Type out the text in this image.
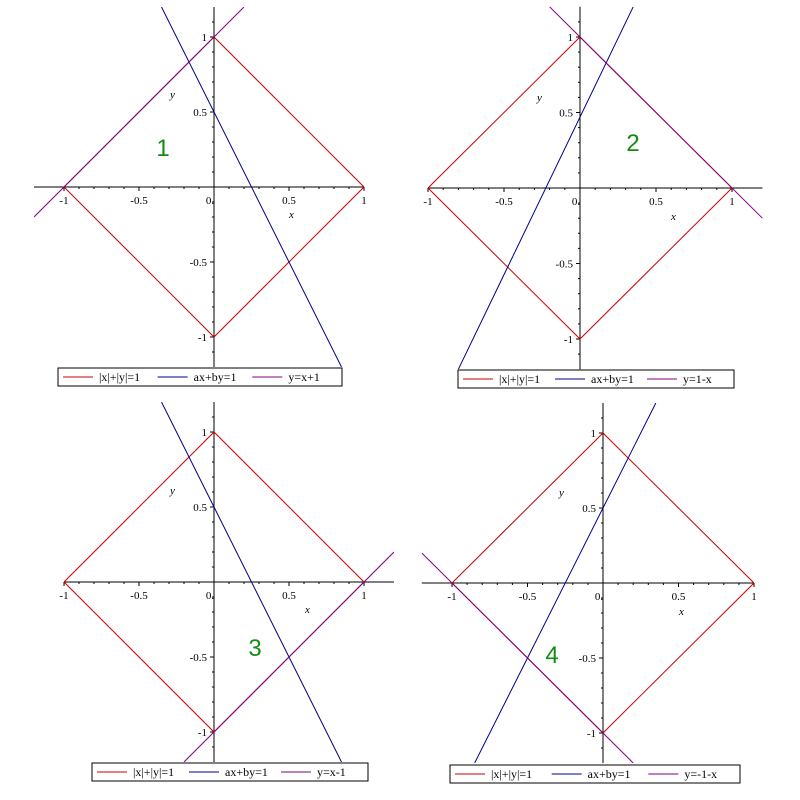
-1	-0.5	0.	0.5	1
-1
-0.5
0.5
1
x
y
1
|x|+|y|=1	ax+by=1	y=x+1
-1	-0.5	0.	0.5	1
-1
-0.5
0.5
1
x
y
2
|x|+|y|=1	ax+by=1	y=1-x
-1	-0.5	0.	0.5	1
-1
-0.5
0.5
1
x
y
3
|x|+|y|=1	ax+by=1	y=x-1
-1	-0.5	0.	0.5	1
-1
-0.5
0.5
1
x
y
4
|x|+|y|=1	ax+by=1	y=-1-x
